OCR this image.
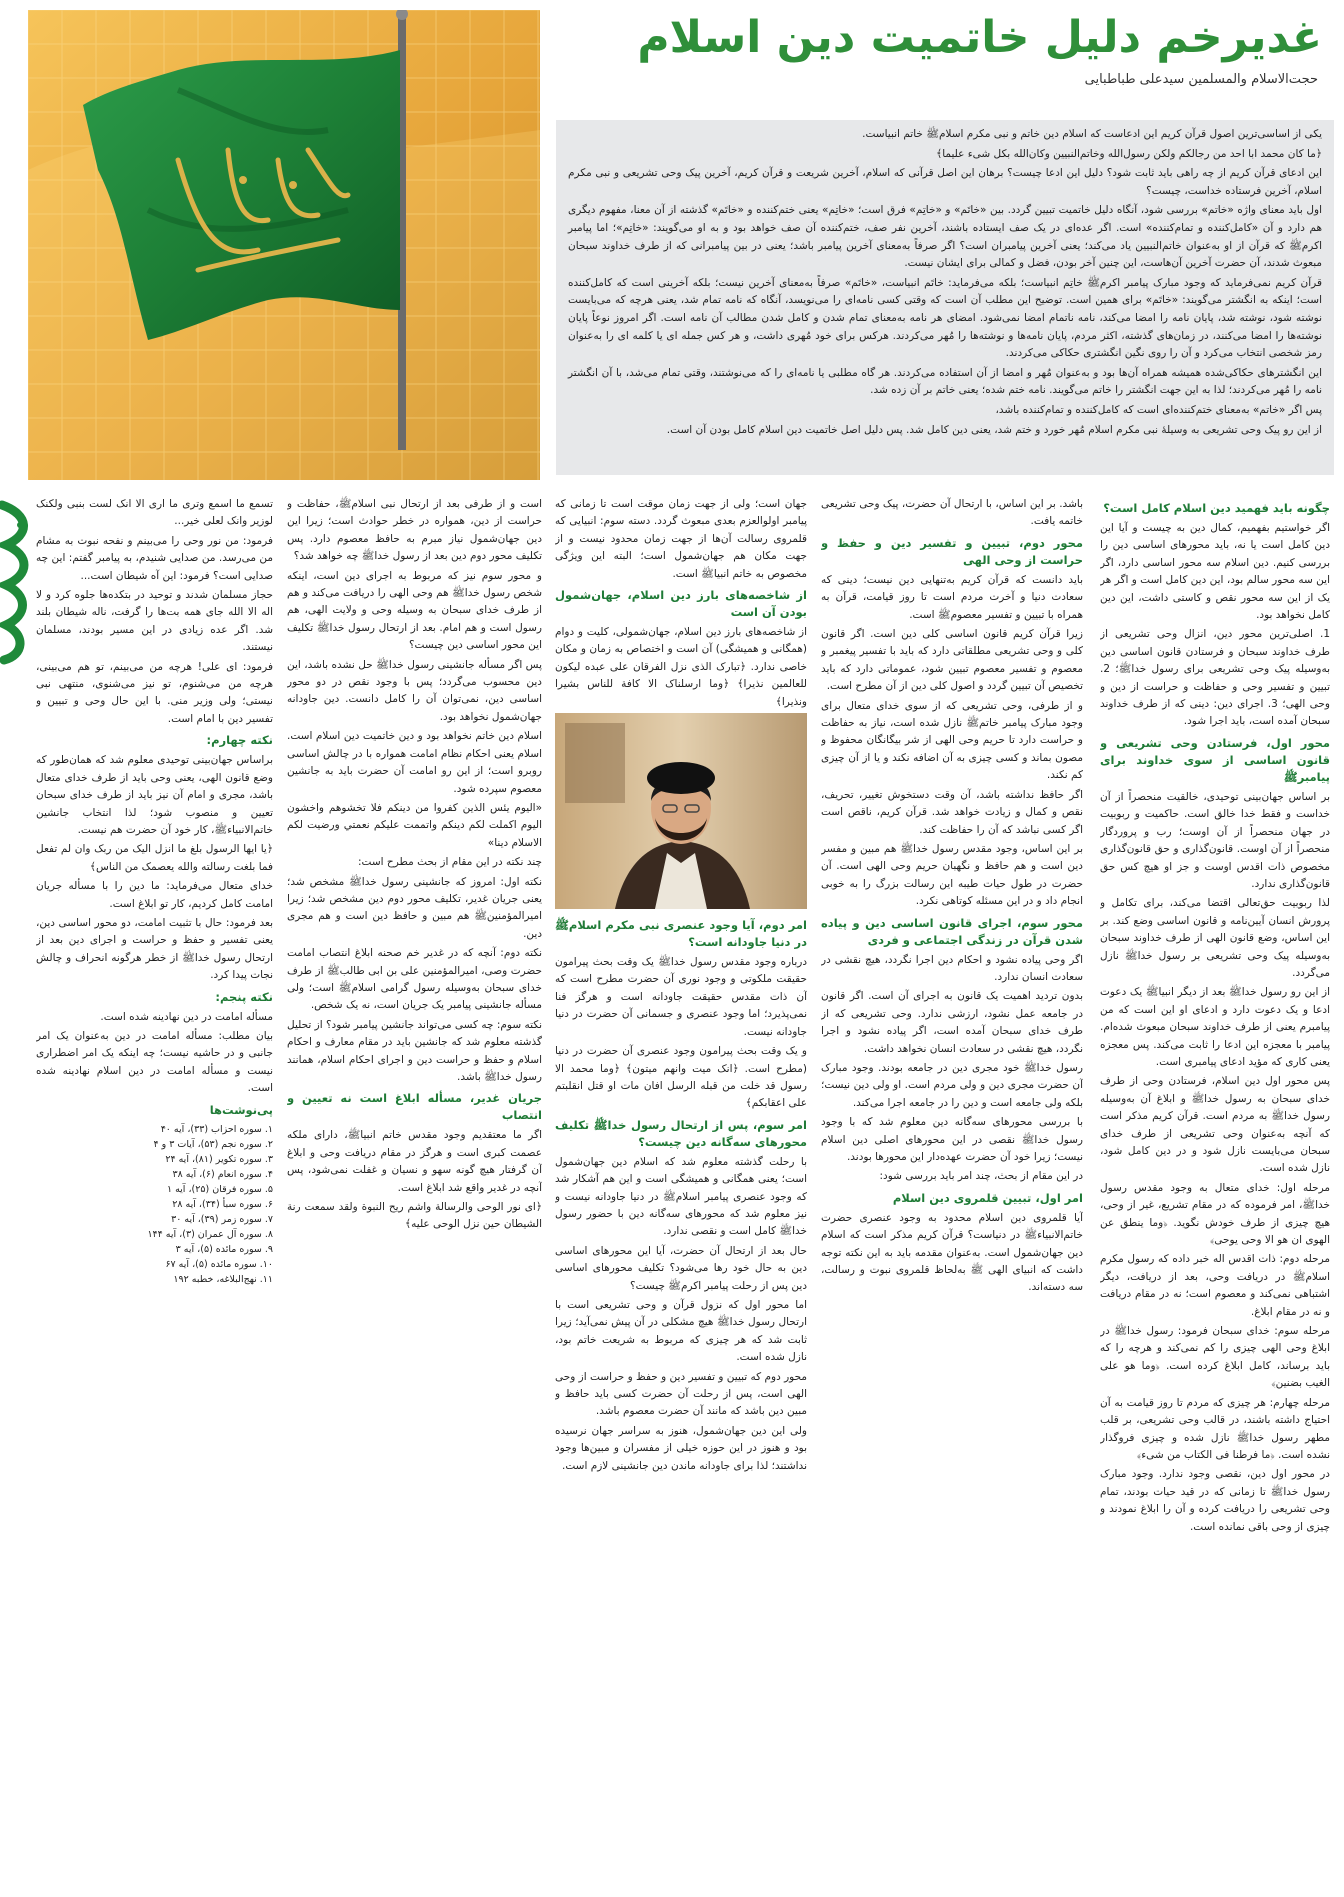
غدیرخم دلیل خاتمیت دین اسلام
حجت‌الاسلام والمسلمین سیدعلی طباطبایی

یکی از اساسی‌ترین اصول قرآن کریم این ادعاست که اسلام دین خاتم و نبی مکرم اسلامﷺ خاتم انبیاست.

﴿ما كان محمد ابا احد من رجالكم ولكن رسول‌الله وخاتم‌النبيين وكان‌الله بكل شیء عليما﴾

این ادعای قرآن کریم از چه راهی باید ثابت شود؟ دلیل این ادعا چیست؟ برهان این اصل قرآنی که اسلام، آخرین شریعت و قرآن کریم، آخرین پیک وحی تشریعی و نبی مکرم اسلام، آخرین فرستاده خداست، چیست؟

اول باید معنای واژه «خاتم» بررسی شود، آنگاه دلیل خاتمیت تبیین گردد. بین «خاتَم» و «خاتِم» فرق است؛ «خاتِم» یعنی ختم‌کننده و «خاتَم» گذشته از آن معنا، مفهوم دیگری هم دارد و آن «کامل‌کننده و تمام‌کننده» است. اگر عده‌ای در یک صف ایستاده باشند، آخرین نفر صف، ختم‌کننده آن صف خواهد بود و به او می‌گویند: «خاتِم»؛ اما پیامبر اکرمﷺ که قرآن از او به‌عنوان خاتم‌النبیین یاد می‌کند؛ یعنی آخرین پیامبران است؟ اگر صرفاً به‌معنای آخرین پیامبر باشد؛ یعنی در بین پیامبرانی که از طرف خداوند سبحان مبعوث شدند، آن حضرت آخرین آن‌هاست، این چنین آخر بودن، فضل و کمالی برای ایشان نیست.

قرآن کریم نمی‌فرماید که وجود مبارک پیامبر اکرمﷺ خاتِم انبیاست؛ بلکه می‌فرماید: خاتَم انبیاست، «خاتَم» صرفاً به‌معنای آخرین نیست؛ بلکه آخرینی است که کامل‌کننده است؛ اینکه به انگشتر می‌گویند: «خاتَم» برای همین است. توضیح این مطلب آن است که وقتی کسی نامه‌ای را می‌نویسد، آنگاه که نامه تمام شد، یعنی هرچه که می‌بایست نوشته شود، نوشته شد، پایان نامه را امضا می‌کند، نامه ناتمام امضا نمی‌شود. امضای هر نامه به‌معنای تمام شدن و کامل شدن مطالب آن نامه است. اگر امروز نوعاً پایان نوشته‌ها را امضا می‌کنند، در زمان‌های گذشته، اکثر مردم، پایان نامه‌ها و نوشته‌ها را مُهر می‌کردند. هرکس برای خود مُهری داشت، و هر کس جمله ای یا کلمه ای را به‌عنوان رمز شخصی انتخاب می‌کرد و آن را روی نگین انگشتری حکاکی می‌کردند.

این انگشترهای حکاکی‌شده همیشه همراه آن‌ها بود و به‌عنوان مُهر و امضا از آن استفاده می‌کردند. هر گاه مطلبی یا نامه‌ای را که می‌نوشتند، وقتی تمام می‌شد، با آن انگشتر نامه را مُهر می‌کردند؛ لذا به این جهت انگشتر را خاتم می‌گویند. نامه ختم شده؛ یعنی خاتم بر آن زده شد.

پس اگر «خاتم» به‌معنای ختم‌کننده‌ای است که کامل‌کننده و تمام‌کننده باشد،

از این رو پیک وحی تشریعی به وسیلهٔ نبی مکرم اسلام مُهر خورد و ختم شد، یعنی دین کامل شد. پس دلیل اصل خاتمیت دین اسلام کامل بودن آن است.

چگونه باید فهمید دین اسلام کامل است؟

اگر خواستیم بفهمیم، کمال دین به چیست و آیا این دین کامل است یا نه، باید محورهای اساسی دین را بررسی کنیم. دین اسلام سه محور اساسی دارد، اگر این سه محور سالم بود، این دین کامل است و اگر هر یک از این سه محور نقص و کاستی داشت، این دین کامل نخواهد بود.

1. اصلی‌ترین محور دین، انزال وحی تشریعی از طرف خداوند سبحان و فرستادن قانون اساسی دین به‌وسیله پیک وحی تشریعی برای رسول خداﷺ؛ 2. تبیین و تفسیر وحی و حفاظت و حراست از دین و وحی الهی؛ 3. اجرای دین: دینی که از طرف خداوند سبحان آمده است، باید اجرا شود.

محور اول، فرستادن وحی تشریعی و قانون اساسی از سوی خداوند برای پیامبرﷺ

بر اساس جهان‌بینی توحیدی، خالقیت منحصراً از آن خداست و فقط خدا خالق است. حاکمیت و ربوبیت در جهان منحصراً از آن اوست؛ رب و پروردگار منحصراً از آن اوست. قانون‌گذاری و حق قانون‌گذاری مخصوص ذات اقدس اوست و جز او هیچ کس حق قانون‌گذاری ندارد.

لذا ربوبیت حق‌تعالی اقتضا می‌کند، برای تکامل و پرورش انسان آیین‌نامه و قانون اساسی وضع کند. بر این اساس، وضع قانون الهی از طرف خداوند سبحان به‌وسیله پیک وحی تشریعی بر رسول خداﷺ نازل می‌گردد.

از این رو رسول خداﷺ بعد از دیگر انبیاﷺ یک دعوت ادعا و یک دعوت دارد و ادعای او این است که من پیامبرم یعنی از طرف خداوند سبحان مبعوث شده‌ام. پیامبر با معجزه این ادعا را ثابت می‌کند. پس معجزه یعنی کاری که مؤید ادعای پیامبری است.

پس محور اول دین اسلام، فرستادن وحی از طرف خدای سبحان به رسول خداﷺ و ابلاغ آن به‌وسیله رسول خداﷺ به مردم است. قرآن کریم مذکر است که آنچه به‌عنوان وحی تشریعی از طرف خدای سبحان می‌بایست نازل شود و در دین کامل شود، نازل شده است.

مرحله اول: خدای متعال به وجود مقدس رسول خداﷺ، امر فرموده که در مقام تشریع، غیر از وحی، هیچ چیزی از طرف خودش نگوید. ﴿وما ينطق عن الهوى ان هو الا وحى يوحى﴾

مرحله دوم: ذات اقدس اله خبر داده که رسول مکرم اسلامﷺ در دریافت وحی، بعد از دریافت، دیگر اشتباهی نمی‌کند و معصوم است؛ نه در مقام دریافت و نه در مقام ابلاغ.

مرحله سوم: خدای سبحان فرمود: رسول خداﷺ در ابلاغ وحی الهی چیزی را کم نمی‌کند و هرچه را که باید برساند، کامل ابلاغ کرده است. ﴿وما هو على الغيب بضنين﴾

مرحله چهارم: هر چیزی که مردم تا روز قیامت به آن احتیاج داشته باشند، در قالب وحی تشریعی، بر قلب مطهر رسول خداﷺ نازل شده و چیزی فروگذار نشده است. ﴿ما فرطنا فی الکتاب من شیء﴾

در محور اول دین، نقصی وجود ندارد. وجود مبارک رسول خداﷺ تا زمانی که در قید حیات بودند، تمام وحی تشریعی را دریافت کرده و آن را ابلاغ نمودند و چیزی از وحی باقی نمانده است.

باشد. بر این اساس، با ارتحال آن حضرت، پیک وحی تشریعی خاتمه یافت.

محور دوم، تبیین و تفسیر دین و حفظ و حراست از وحی الهی

باید دانست که قرآن کریم به‌تنهایی دین نیست؛ دینی که سعادت دنیا و آخرت مردم است تا روز قیامت، قرآن به همراه با تبیین و تفسیر معصومﷺ است.

زیرا قرآن کریم قانون اساسی کلی دین است. اگر قانون کلی و وحی تشریعی مطلقاتی دارد که باید با تفسیر پیغمبر و معصوم و تفسیر معصوم تبیین شود، عموماتی دارد که باید تخصیص آن تبیین گردد و اصول کلی دین از آن مطرح است.

و از طرفی، وحی تشریعی که از سوی خدای متعال برای وجود مبارک پیامبر خاتمﷺ نازل شده است، نیاز به حفاظت و حراست دارد تا حریم وحی الهی از شر بیگانگان محفوظ و مصون بماند و کسی چیزی به آن اضافه نکند و یا از آن چیزی کم نکند.

اگر حافظ نداشته باشد، آن وقت دستخوش تغییر، تحریف، نقص و کمال و زیادت خواهد شد. قرآن کریم، ناقص است اگر کسی نباشد که آن را حفاظت کند.

بر این اساس، وجود مقدس رسول خداﷺ هم مبین و مفسر دین است و هم حافظ و نگهبان حریم وحی الهی است. آن حضرت در طول حیات طیبه این رسالت بزرگ را به خوبی انجام داد و در این مسئله کوتاهی نکرد.

محور سوم، اجرای قانون اساسی دین و پیاده شدن قرآن در زندگی اجتماعی و فردی

اگر وحی پیاده نشود و احکام دین اجرا نگردد، هیچ نقشی در سعادت انسان ندارد.

بدون تردید اهمیت یک قانون به اجرای آن است. اگر قانون در جامعه عمل نشود، ارزشی ندارد. وحی تشریعی که از طرف خدای سبحان آمده است، اگر پیاده نشود و اجرا نگردد، هیچ نقشی در سعادت انسان نخواهد داشت.

رسول خداﷺ خود مجری دین در جامعه بودند. وجود مبارک آن حضرت مجری دین و ولی مردم است. او ولی دین نیست؛ بلکه ولی جامعه است و دین را در جامعه اجرا می‌کند.

با بررسی محورهای سه‌گانه دین معلوم شد که با وجود رسول خداﷺ نقصی در این محورهای اصلی دین اسلام نیست؛ زیرا خود آن حضرت عهده‌دار این محورها بودند.

در این مقام از بحث، چند امر باید بررسی شود:

امر اول، تبیین قلمروی دین اسلام

آیا قلمروی دین اسلام محدود به وجود عنصری حضرت خاتم‌الانبیاءﷺ در دنیاست؟ قرآن کریم مذکر است که اسلام دین جهان‌شمول است. به‌عنوان مقدمه باید به این نکته توجه داشت که انبیای الهی ﷺ به‌لحاظ قلمروی نبوت و رسالت، سه دسته‌اند.

جهان است؛ ولی از جهت زمان موقت است تا زمانی که پیامبر اولوالعزم بعدی مبعوث گردد. دسته سوم: انبیایی که قلمروی رسالت آن‌ها از جهت زمان محدود نیست و از جهت مکان هم جهان‌شمول است؛ البته این ویژگی مخصوص به خاتم انبیاﷺ است.

از شاخصه‌های بارز دین اسلام، جهان‌شمول بودن آن است

از شاخصه‌های بارز دین اسلام، جهان‌شمولی، کلیت و دوام (همگانی و همیشگی) آن است و اختصاص به زمان و مکان خاصی ندارد. ﴿تبارک الذی نزل الفرقان علی عبده لیکون للعالمین نذیرا﴾ ﴿وما ارسلناک الا کافة للناس بشیرا ونذیرا﴾

امر دوم، آیا وجود عنصری نبی مکرم اسلامﷺ در دنیا جاودانه است؟

درباره وجود مقدس رسول خداﷺ یک وقت بحث پیرامون حقیقت ملکوتی و وجود نوری آن حضرت مطرح است که آن ذات مقدس حقیقت جاودانه است و هرگز فنا نمی‌پذیرد؛ اما وجود عنصری و جسمانی آن حضرت در دنیا جاودانه نیست.

و یک وقت بحث پیرامون وجود عنصری آن حضرت در دنیا (مطرح است. ﴿انک میت وانهم میتون﴾ ﴿وما محمد الا رسول قد خلت من قبله الرسل افان مات او قتل انقلبتم علی اعقابکم﴾

امر سوم، پس از ارتحال رسول خداﷺ تکلیف محورهای سه‌گانه دین چیست؟

با رحلت گذشته معلوم شد که اسلام دین جهان‌شمول است؛ یعنی همگانی و همیشگی است و این هم آشکار شد که وجود عنصری پیامبر اسلامﷺ در دنیا جاودانه نیست و نیز معلوم شد که محورهای سه‌گانه دین با حضور رسول خداﷺ کامل است و نقصی ندارد.

حال بعد از ارتحال آن حضرت، آیا این محورهای اساسی دین به حال خود رها می‌شود؟ تکلیف محورهای اساسی دین پس از رحلت پیامبر اکرمﷺ چیست؟

اما محور اول که نزول قرآن و وحی تشریعی است با ارتحال رسول خداﷺ هیچ مشکلی در آن پیش نمی‌آید؛ زیرا ثابت شد که هر چیزی که مربوط به شریعت خاتم بود، نازل شده است.

محور دوم که تبیین و تفسیر دین و حفظ و حراست از وحی الهی است، پس از رحلت آن حضرت کسی باید حافظ و مبین دین باشد که مانند آن حضرت معصوم باشد.

ولی این دین جهان‌شمول، هنوز به سراسر جهان نرسیده بود و هنوز در این حوزه خیلی از مفسران و مبین‌ها وجود نداشتند؛ لذا برای جاودانه ماندن دین جانشینی لازم است.

است و از طرفی بعد از ارتحال نبی اسلامﷺ، حفاظت و حراست از دین، همواره در خطر حوادث است؛ زیرا این دین جهان‌شمول نیاز مبرم به حافظ معصوم دارد. پس تکلیف محور دوم دین بعد از رسول خداﷺ چه خواهد شد؟

و محور سوم نیز که مربوط به اجرای دین است، اینکه شخص رسول خداﷺ هم وحی الهی را دریافت می‌کند و هم از طرف خدای سبحان به وسیله وحی و ولایت الهی، هم رسول است و هم امام. بعد از ارتحال رسول خداﷺ تکلیف این محور اساسی دین چیست؟

پس اگر مسأله جانشینی رسول خداﷺ حل نشده باشد، این دین محسوب می‌گردد؛ پس با وجود نقص در دو محور اساسی دین، نمی‌توان آن را کامل دانست. دین جاودانه جهان‌شمول نخواهد بود.

اسلام دین خاتم نخواهد بود و دین خاتمیت دین اسلام است. اسلام یعنی احکام نظام امامت همواره با در چالش اساسی روبرو است؛ از این رو امامت آن حضرت باید به جانشین معصوم سپرده شود.

«اليوم يئس الذين كفروا من دينكم فلا تخشوهم واخشون اليوم اكملت لكم دينكم واتممت عليكم نعمتي ورضيت لكم الاسلام دينا»

چند نکته در این مقام از بحث مطرح است:

نکته اول: امروز که جانشینی رسول خداﷺ مشخص شد؛ یعنی جریان غدیر، تکلیف محور دوم دین مشخص شد؛ زیرا امیرالمؤمنینﷺ هم مبین و حافظ دین است و هم مجری دین.

نکته دوم: آنچه که در غدیر خم صحنه ابلاغ انتصاب امامت حضرت وصی، امیرالمؤمنین علی بن ابی طالبﷺ از طرف خدای سبحان به‌وسیله رسول گرامی اسلامﷺ است؛ ولی مسأله جانشینی پیامبر یک جریان است، نه یک شخص.

نکته سوم: چه کسی می‌تواند جانشین پیامبر شود؟ از تحلیل گذشته معلوم شد که جانشین باید در مقام معارف و احکام اسلام و حفظ و حراست دین و اجرای احکام اسلام، همانند رسول خداﷺ باشد.

جریان غدیر، مسأله ابلاغ است نه تعیین و انتصاب

اگر ما معتقدیم وجود مقدس خاتم انبیاﷺ، دارای ملکه عصمت کبری است و هرگز در مقام دریافت وحی و ابلاغ آن گرفتار هیچ گونه سهو و نسیان و غفلت نمی‌شود، پس آنچه در غدیر واقع شد ابلاغ است.

﴿ای نور الوحی والرسالة واشم ریح النبوة ولقد سمعت رنة الشیطان حین نزل الوحی علیه﴾

تسمع ما اسمع وتری ما اری الا انک لست بنبی ولکنک لوزیر وانک لعلی خیر...

فرمود: من نور وحی را می‌بینم و نفحه نبوت به مشام من می‌رسد. من صدایی شنیدم، به پیامبر گفتم: این چه صدایی است؟ فرمود: این آه شیطان است...

حجاز مسلمان شدند و توحید در بتکده‌ها جلوه کرد و لا اله الا الله جای همه بت‌ها را گرفت، ناله شیطان بلند شد. اگر عده زیادی در این مسیر بودند، مسلمان نیستند.

فرمود: ای علی! هرچه من می‌بینم، تو هم می‌بینی، هرچه من می‌شنوم، تو نیز می‌شنوی، منتهی نبی نیستی؛ ولی وزیر منی. با این حال وحی و تبیین و تفسیر دین با امام است.

نکته چهارم:

براساس جهان‌بینی توحیدی معلوم شد که همان‌طور که وضع قانون الهی، یعنی وحی باید از طرف خدای متعال باشد، مجری و امام آن نیز باید از طرف خدای سبحان تعیین و منصوب شود؛ لذا انتخاب جانشین خاتم‌الانبیاءﷺ، کار خود آن حضرت هم نیست.

﴿یا ایها الرسول بلغ ما انزل الیک من ربک وان لم تفعل فما بلغت رسالته والله یعصمک من الناس﴾

خدای متعال می‌فرماید: ما دین را با مسأله جریان امامت کامل کردیم، کار تو ابلاغ است.

بعد فرمود: حال با تثبیت امامت، دو محور اساسی دین، یعنی تفسیر و حفظ و حراست و اجرای دین بعد از ارتحال رسول خداﷺ از خطر هرگونه انحراف و چالش نجات پیدا کرد.

نکته پنجم:

مسأله امامت در دین نهادینه شده است.

بیان مطلب: مسأله امامت در دین به‌عنوان یک امر جانبی و در حاشیه نیست؛ چه اینکه یک امر اضطراری نیست و مسأله امامت در دین اسلام نهادینه شده است.

پی‌نوشت‌ها
۱. سوره احزاب (۳۳)، آیه ۴۰
۲. سوره نجم (۵۳)، آیات ۳ و ۴
۳. سوره تکویر (۸۱)، آیه ۲۴
۴. سوره انعام (۶)، آیه ۳۸
۵. سوره فرقان (۲۵)، آیه ۱
۶. سوره سبأ (۳۴)، آیه ۲۸
۷. سوره زمر (۳۹)، آیه ۳۰
۸. سوره آل عمران (۳)، آیه ۱۴۴
۹. سوره مائده (۵)، آیه ۳
۱۰. سوره مائده (۵)، آیه ۶۷
۱۱. نهج‌البلاغه، خطبه ۱۹۲
